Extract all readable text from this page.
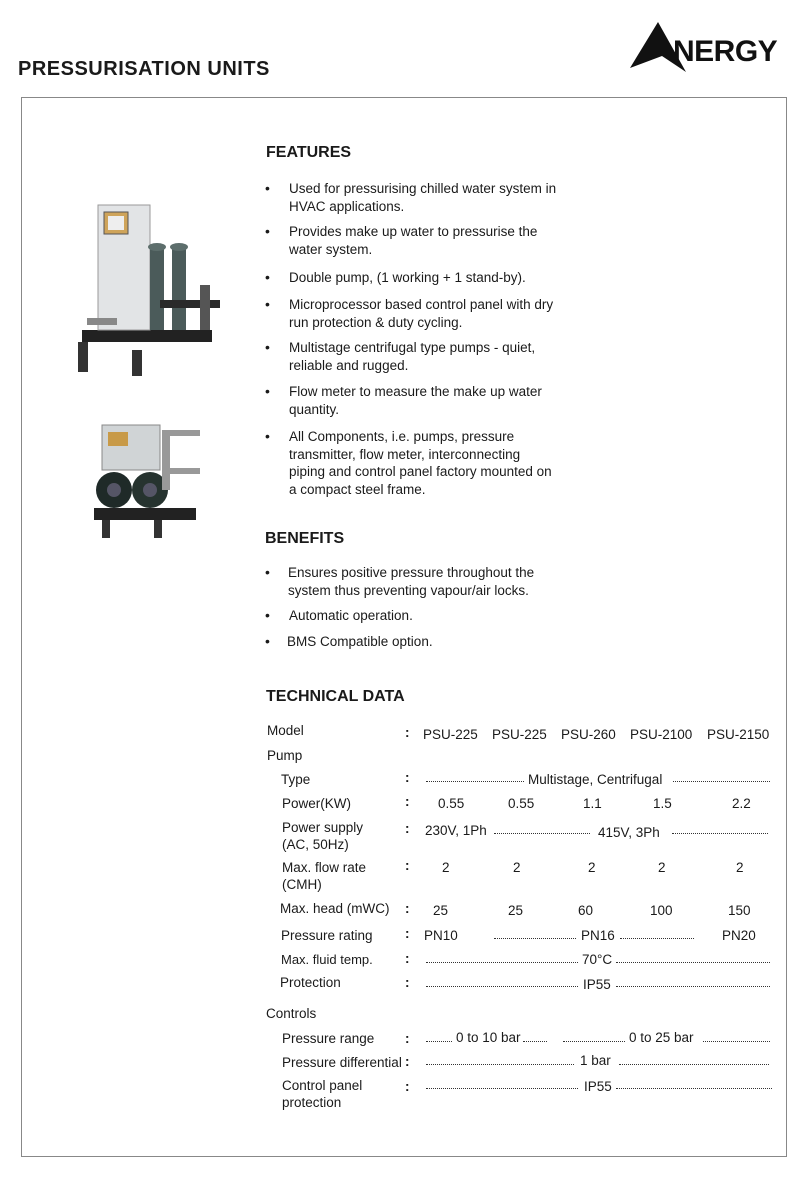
PRESSURISATION UNITS
NERGY
FEATURES
• Used for pressurising chilled water system in HVAC applications.
• Provides make up water to pressurise the water system.
• Double pump, (1 working + 1 stand-by).
• Microprocessor based control panel with dry run protection & duty cycling.
• Multistage centrifugal type pumps - quiet, reliable and rugged.
• Flow meter to measure the make up water quantity.
• All Components, i.e. pumps, pressure transmitter, flow meter, interconnecting piping and control panel factory mounted on a compact steel frame.
BENEFITS
• Ensures positive pressure throughout the system thus preventing vapour/air locks.
• Automatic operation.
• BMS Compatible option.
TECHNICAL DATA
Model	: PSU-225 PSU-225 PSU-260 PSU-2100 PSU-2150
Pump
Type	:	Multistage, Centrifugal
Power(KW)	: 0.55	0.55	1.1	1.5	2.2
Power supply
(AC, 50Hz)
: 230V, 1Ph	415V, 3Ph
Max. flow rate
(CMH)
: 2	2	2	2	2
Max. head (mWC) : 25	25	60	100	150
Pressure rating : PN10	PN16	PN20
Max. fluid temp. :	70°C
Protection	:	IP55
Controls
Pressure range :	0 to 10 bar	0 to 25 bar
Pressure differential :	1 bar
Control panel
protection
:	IP55
